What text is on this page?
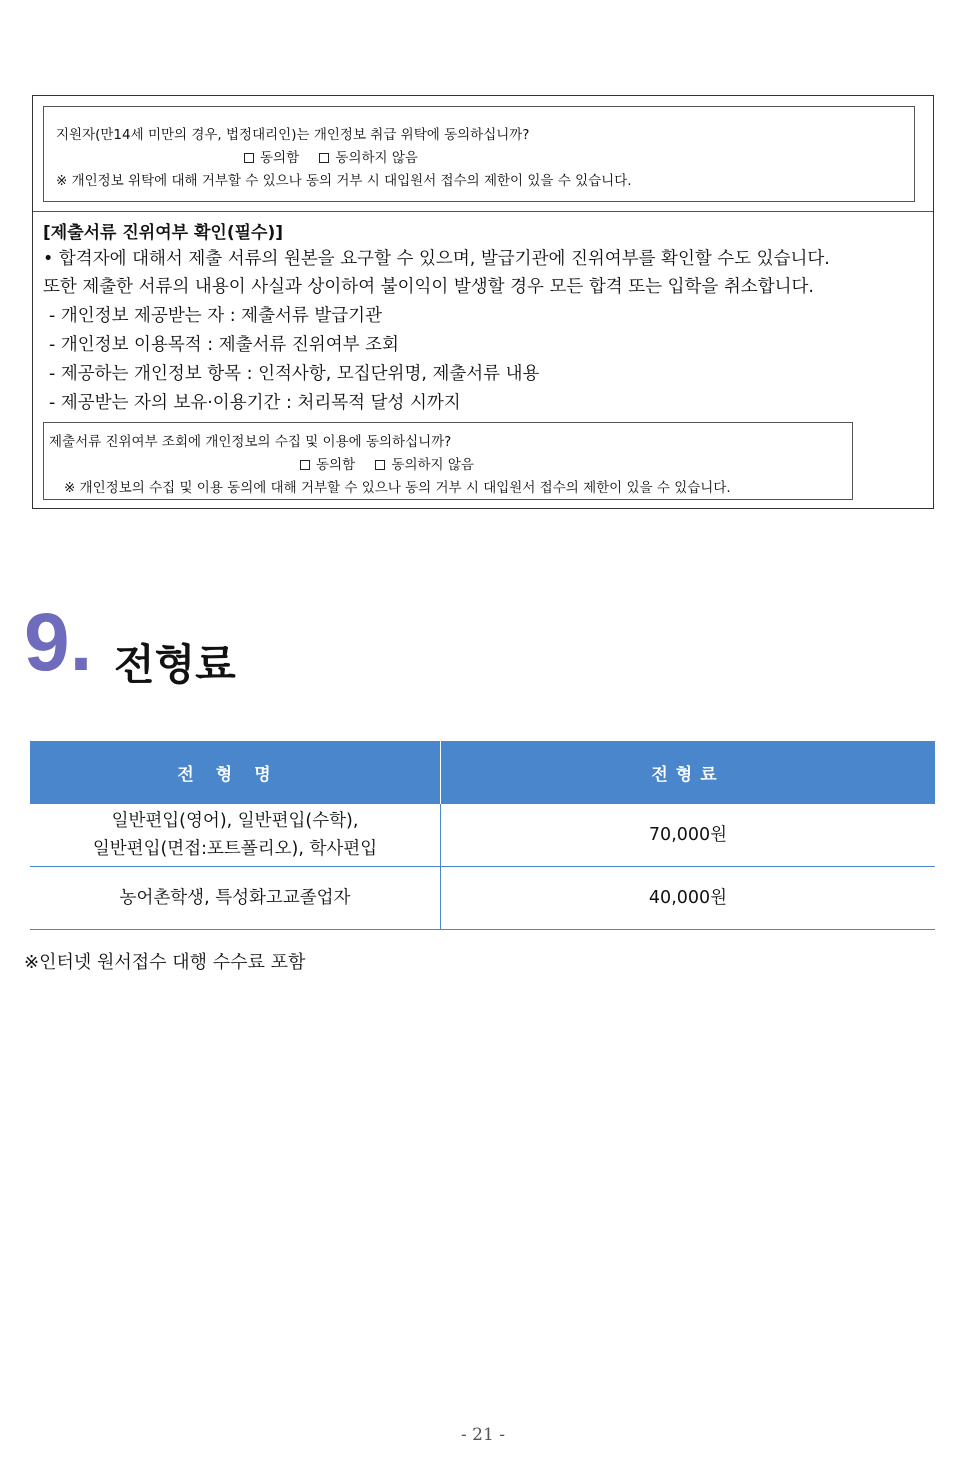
지원자(만14세 미만의 경우, 법정대리인)는 개인정보 취급 위탁에 동의하십니까?
동의함	동의하지 않음
※ 개인정보 위탁에 대해 거부할 수 있으나 동의 거부 시 대입원서 접수의 제한이 있을 수 있습니다.
[제출서류 진위여부 확인(필수)]
• 합격자에 대해서 제출 서류의 원본을 요구할 수 있으며, 발급기관에 진위여부를 확인할 수도 있습니다.
또한 제출한 서류의 내용이 사실과 상이하여 불이익이 발생할 경우 모든 합격 또는 입학을 취소합니다.
- 개인정보 제공받는 자 : 제출서류 발급기관
- 개인정보 이용목적 : 제출서류 진위여부 조회
- 제공하는 개인정보 항목 : 인적사항, 모집단위명, 제출서류 내용
- 제공받는 자의 보유·이용기간 : 처리목적 달성 시까지
제출서류 진위여부 조회에 개인정보의 수집 및 이용에 동의하십니까?
동의함	동의하지 않음
※ 개인정보의 수집 및 이용 동의에 대해 거부할 수 있으나 동의 거부 시 대입원서 접수의 제한이 있을 수 있습니다.
9. 전형료
전형명	전형료

일반편입(영어), 일반편입(수학),
일반편입(면접:포트폴리오), 학사편입	70,000원
농어촌학생, 특성화고교졸업자	40,000원
※인터넷 원서접수 대행 수수료 포함
- 21 -
